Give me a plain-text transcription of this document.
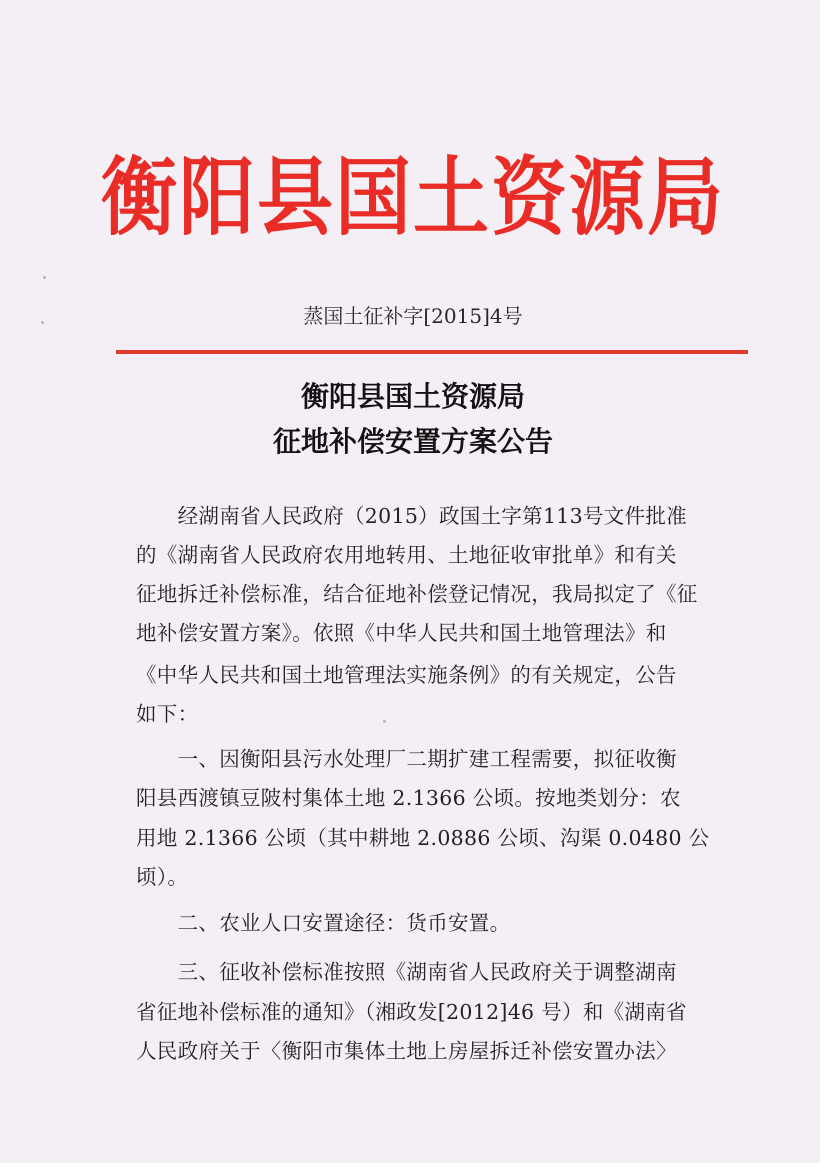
衡阳县国土资源局
蒸国土征补字[2015]4号
衡阳县国土资源局
征地补偿安置方案公告
　　经湖南省人民政府（2015）政国土字第113号文件批准
的《湖南省人民政府农用地转用、土地征收审批单》和有关
征地拆迁补偿标准，结合征地补偿登记情况，我局拟定了《征
地补偿安置方案》。依照《中华人民共和国土地管理法》和
《中华人民共和国土地管理法实施条例》的有关规定，公告
如下：
　　一、因衡阳县污水处理厂二期扩建工程需要，拟征收衡
阳县西渡镇豆陂村集体土地 2.1366 公顷。按地类划分：农
用地 2.1366 公顷（其中耕地 2.0886 公顷、沟渠 0.0480 公
顷）。
　　二、农业人口安置途径：货币安置。
　　三、征收补偿标准按照《湖南省人民政府关于调整湖南
省征地补偿标准的通知》（湘政发[2012]46 号）和《湖南省
人民政府关于〈衡阳市集体土地上房屋拆迁补偿安置办法〉
